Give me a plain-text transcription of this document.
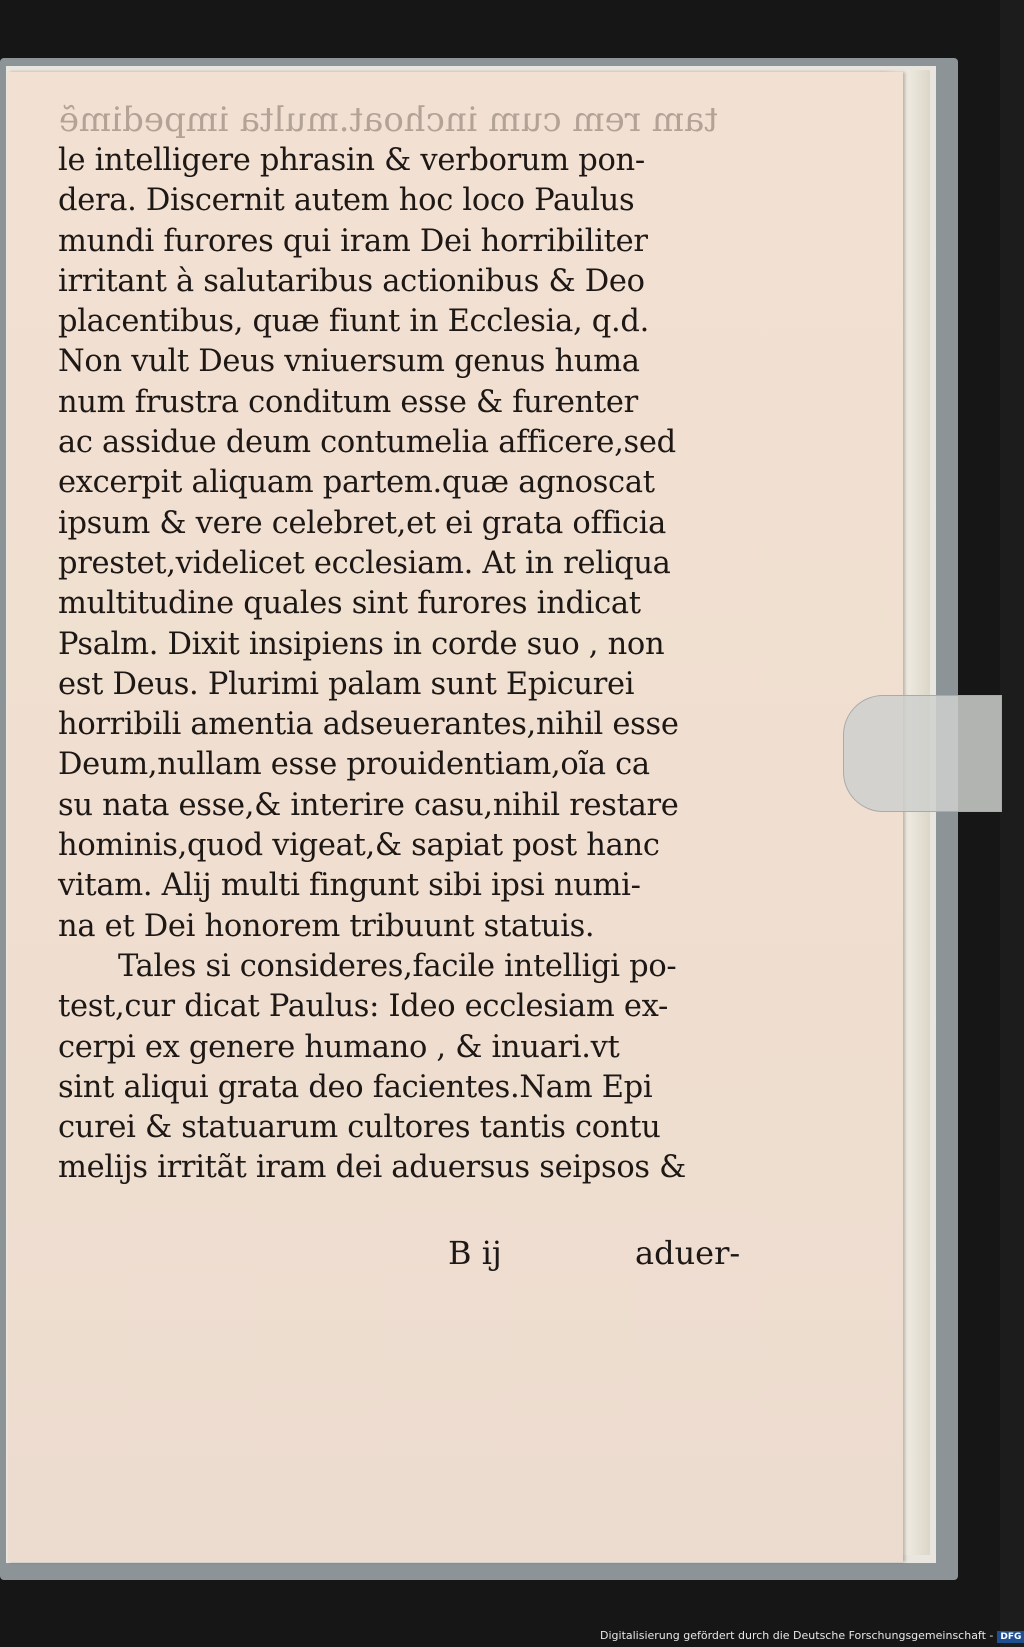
tam rem cum inchoat.multa impedimẽ
le intelligere phrasin & verborum pon-
dera. Discernit autem hoc loco Paulus
mundi furores qui iram Dei horribiliter
irritant à salutaribus actionibus & Deo
placentibus, quæ fiunt in Ecclesia, q.d.
Non vult Deus vniuersum genus huma
num frustra conditum esse & furenter
ac assidue deum contumelia afficere,sed
excerpit aliquam partem.quæ agnoscat
ipsum & vere celebret,et ei grata officia
prestet,videlicet ecclesiam. At in reliqua
multitudine quales sint furores indicat
Psalm. Dixit insipiens in corde suo , non
est Deus. Plurimi palam sunt Epicurei
horribili amentia adseuerantes,nihil esse
Deum,nullam esse prouidentiam,oĩa ca
su nata esse,& interire casu,nihil restare
hominis,quod vigeat,& sapiat post hanc
vitam. Alij multi fingunt sibi ipsi numi-
na et Dei honorem tribuunt statuis.
Tales si consideres,facile intelligi po-
test,cur dicat Paulus: Ideo ecclesiam ex-
cerpi ex genere humano , & inuari.vt
sint aliqui grata deo facientes.Nam Epi
curei & statuarum cultores tantis contu
melijs irritãt iram dei aduersus seipsos &
B ij	aduer-
Digitalisierung gefördert durch die Deutsche Forschungsgemeinschaft - DFG
